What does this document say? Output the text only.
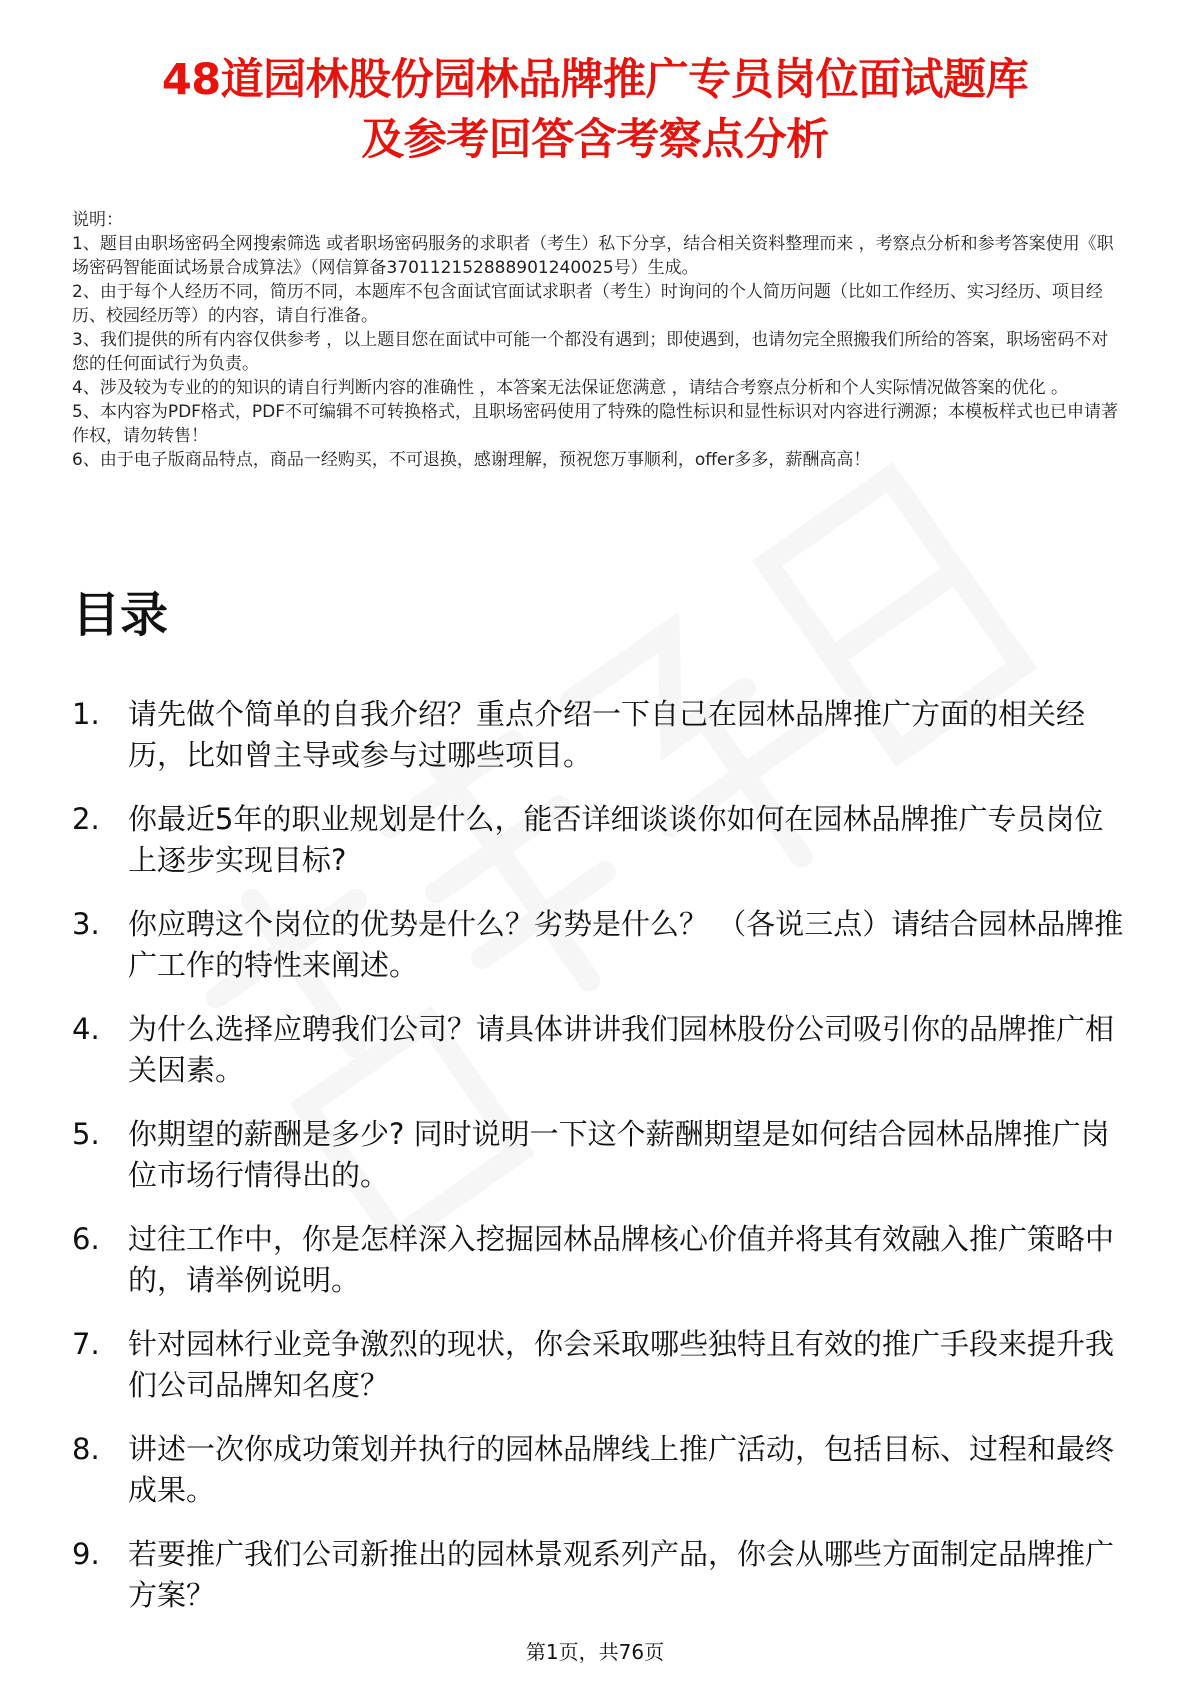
48道园林股份园林品牌推广专员岗位面试题库
及参考回答含考察点分析

说明：

1、题目由职场密码全网搜索筛选 或者职场密码服务的求职者（考生）私下分享，结合相关资料整理而来 ，考察点分析和参考答案使用《职场密码智能面试场景合成算法》（网信算备370112152888901240025号）生成。

2、由于每个人经历不同，简历不同，本题库不包含面试官面试求职者（考生）时询问的个人简历问题（比如工作经历、实习经历、项目经历、校园经历等）的内容，请自行准备。

3、我们提供的所有内容仅供参考 ，以上题目您在面试中可能一个都没有遇到；即使遇到，也请勿完全照搬我们所给的答案，职场密码不对您的任何面试行为负责。

4、涉及较为专业的的知识的请自行判断内容的准确性 ，本答案无法保证您满意 ，请结合考察点分析和个人实际情况做答案的优化 。

5、本内容为PDF格式，PDF不可编辑不可转换格式，且职场密码使用了特殊的隐性标识和显性标识对内容进行溯源；本模板样式也已申请著作权，请勿转售！

6、由于电子版商品特点，商品一经购买，不可退换，感谢理解，预祝您万事顺利，offer多多，薪酬高高！

目录
1. 请先做个简单的自我介绍？重点介绍一下自己在园林品牌推广方面的相关经历，比如曾主导或参与过哪些项目。
2. 你最近5年的职业规划是什么，能否详细谈谈你如何在园林品牌推广专员岗位上逐步实现目标?
3. 你应聘这个岗位的优势是什么？劣势是什么？ （各说三点）请结合园林品牌推广工作的特性来阐述。
4. 为什么选择应聘我们公司？请具体讲讲我们园林股份公司吸引你的品牌推广相关因素。
5. 你期望的薪酬是多少? 同时说明一下这个薪酬期望是如何结合园林品牌推广岗位市场行情得出的。
6. 过往工作中，你是怎样深入挖掘园林品牌核心价值并将其有效融入推广策略中的，请举例说明。
7. 针对园林行业竞争激烈的现状，你会采取哪些独特且有效的推广手段来提升我们公司品牌知名度？
8. 讲述一次你成功策划并执行的园林品牌线上推广活动，包括目标、过程和最终成果。
9. 若要推广我们公司新推出的园林景观系列产品，你会从哪些方面制定品牌推广方案？
第1页，共76页
